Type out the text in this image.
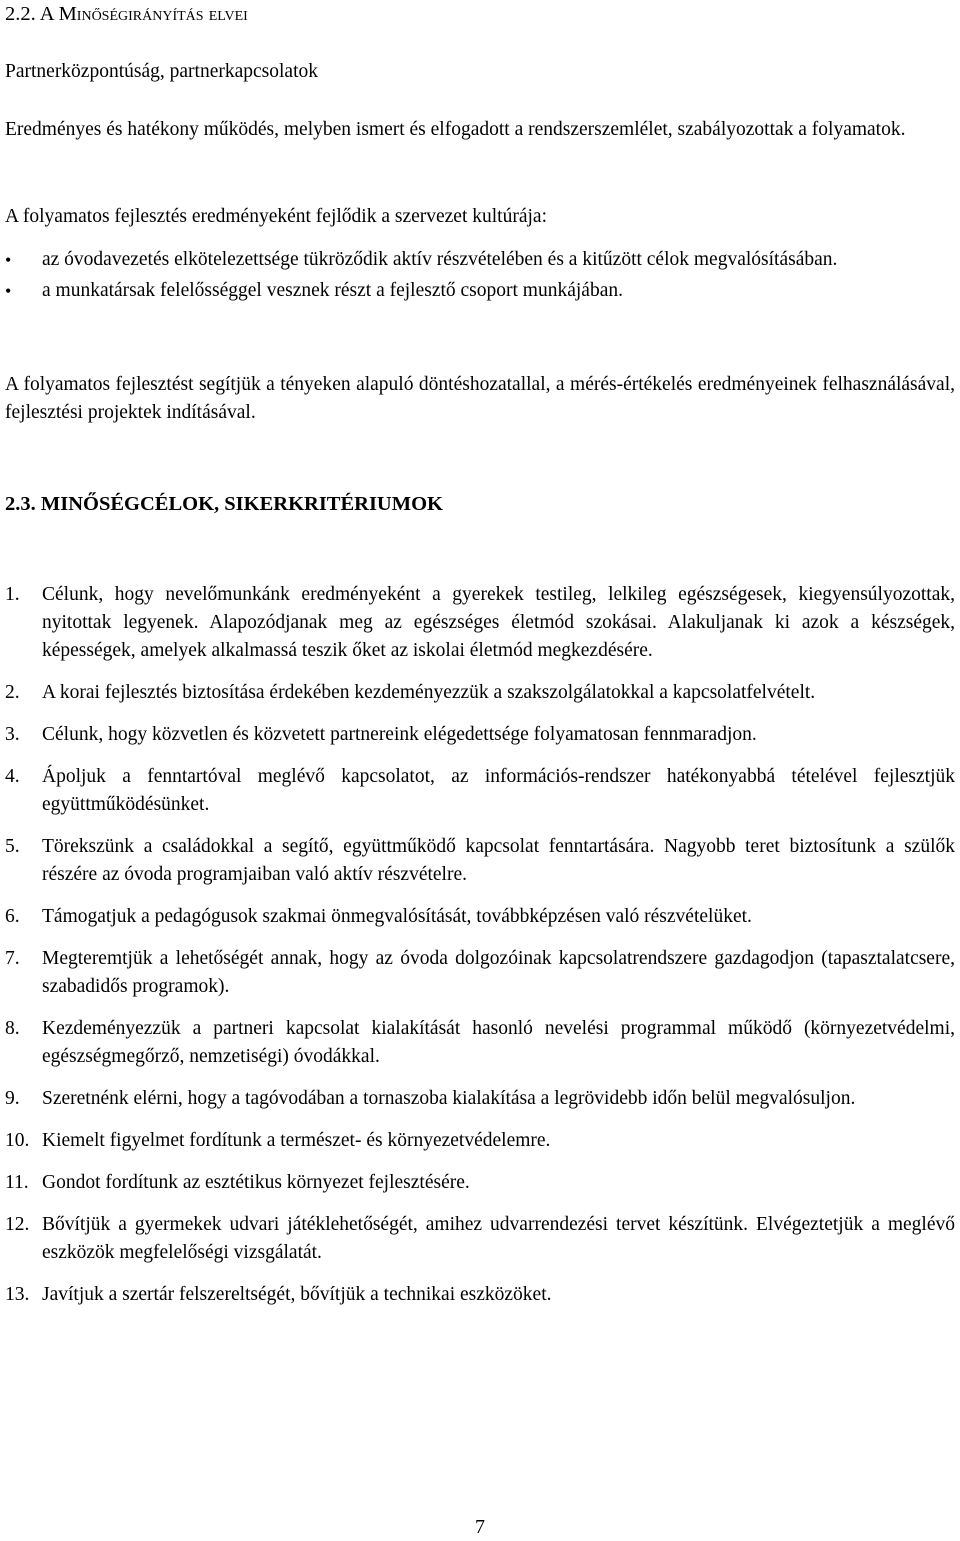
2.2. A Minőségirányítás elvei
Partnerközpontúság, partnerkapcsolatok
Eredményes és hatékony működés, melyben ismert és elfogadott a rendszerszemlélet, szabályozottak a folyamatok.
A folyamatos fejlesztés eredményeként fejlődik a szervezet kultúrája:
az óvodavezetés elkötelezettsége tükröződik aktív részvételében és a kitűzött célok megvalósításában.
a munkatársak felelősséggel vesznek részt a fejlesztő csoport munkájában.
A folyamatos fejlesztést segítjük a tényeken alapuló döntéshozatallal, a mérés-értékelés eredményeinek felhasználásával, fejlesztési projektek indításával.
2.3. MINŐSÉGCÉLOK, SIKERKRITÉRIUMOK
1. Célunk, hogy nevelőmunkánk eredményeként a gyerekek testileg, lelkileg egészségesek, kiegyensúlyozottak, nyitottak legyenek. Alapozódjanak meg az egészséges életmód szokásai. Alakuljanak ki azok a készségek, képességek, amelyek alkalmassá teszik őket az iskolai életmód megkezdésére.
2. A korai fejlesztés biztosítása érdekében kezdeményezzük a szakszolgálatokkal a kapcsolatfelvételt.
3. Célunk, hogy közvetlen és közvetett partnereink elégedettsége folyamatosan fennmaradjon.
4. Ápoljuk a fenntartóval meglévő kapcsolatot, az információs-rendszer hatékonyabbá tételével fejlesztjük együttműködésünket.
5. Törekszünk a családokkal a segítő, együttműködő kapcsolat fenntartására. Nagyobb teret biztosítunk a szülők részére az óvoda programjaiban való aktív részvételre.
6. Támogatjuk a pedagógusok szakmai önmegvalósítását, továbbképzésen való részvételüket.
7. Megteremtjük a lehetőségét annak, hogy az óvoda dolgozóinak kapcsolatrendszere gazdagodjon (tapasztalatcsere, szabadidős programok).
8. Kezdeményezzük a partneri kapcsolat kialakítását hasonló nevelési programmal működő (környezetvédelmi, egészségmegőrző, nemzetiségi) óvodákkal.
9. Szeretnénk elérni, hogy a tagóvodában a tornaszoba kialakítása a legrövidebb időn belül megvalósuljon.
10. Kiemelt figyelmet fordítunk a természet- és környezetvédelemre.
11. Gondot fordítunk az esztétikus környezet fejlesztésére.
12. Bővítjük a gyermekek udvari játéklehetőségét, amihez udvarrendezési tervet készítünk. Elvégeztetjük a meglévő eszközök megfelelőségi vizsgálatát.
13. Javítjuk a szertár felszereltségét, bővítjük a technikai eszközöket.
7
